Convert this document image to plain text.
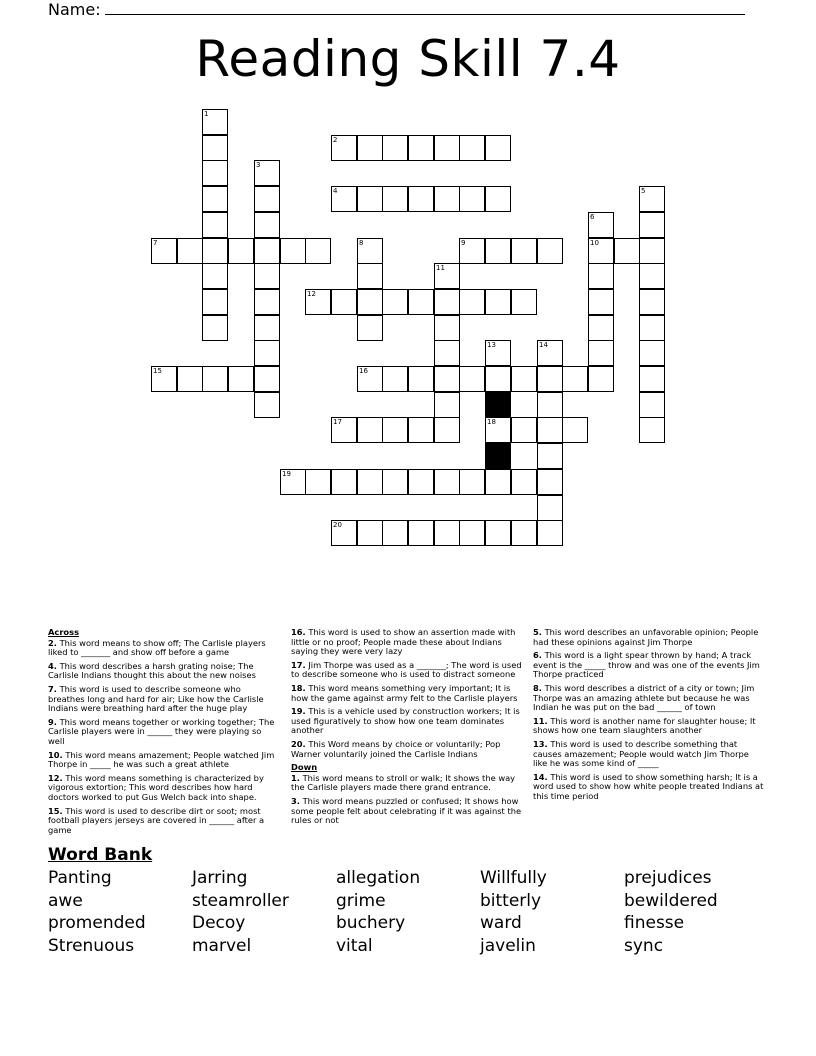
Name:
Reading Skill 7.4
1
2
3
4	5
6
10
7	8	9
11
12
13
18
14
15	16
17
19
20
Across
2. This word means to show off; The Carlisle players liked to _______ and show off before a game
4. This word describes a harsh grating noise; The Carlisle Indians thought this about the new noises
7. This word is used to describe someone who breathes long and hard for air; Like how the Carlisle Indians were breathing hard after the huge play
9. This word means together or working together; The Carlisle players were in ______ they were playing so well
10. This word means amazement; People watched Jim Thorpe in _____ he was such a great athlete
12. This word means something is characterized by vigorous extortion; This word describes how hard doctors worked to put Gus Welch back into shape.
15. This word is used to describe dirt or soot; most football players jerseys are covered in ______ after a game
16. This word is used to show an assertion made with little or no proof; People made these about Indians saying they were very lazy
17. Jim Thorpe was used as a _______; The word is used to describe someone who is used to distract someone
18. This word means something very important; It is how the game against army felt to the Carlisle players
19. This is a vehicle used by construction workers; It is used figuratively to show how one team dominates another
20. This Word means by choice or voluntarily; Pop Warner voluntarily joined the Carlisle Indians
Down
1. This word means to stroll or walk; It shows the way the Carlisle players made there grand entrance.
3. This word means puzzled or confused; It shows how some people felt about celebrating if it was against the rules or not
5. This word describes an unfavorable opinion; People had these opinions against Jim Thorpe
6. This word is a light spear thrown by hand; A track event is the _____ throw and was one of the events Jim Thorpe practiced
8. This word describes a district of a city or town; Jim Thorpe was an amazing athlete but because he was Indian he was put on the bad ______ of town
11. This word is another name for slaughter house; It shows how one team slaughters another
13. This word is used to describe something that causes amazement; People would watch Jim Thorpe like he was some kind of _____
14. This word is used to show something harsh; It is a word used to show how white people treated Indians at this time period
Word Bank
Panting
awe
promended
Strenuous
Jarring
steamroller
Decoy
marvel
allegation
grime
buchery
vital
Willfully
bitterly
ward
javelin
prejudices
bewildered
finesse
sync
